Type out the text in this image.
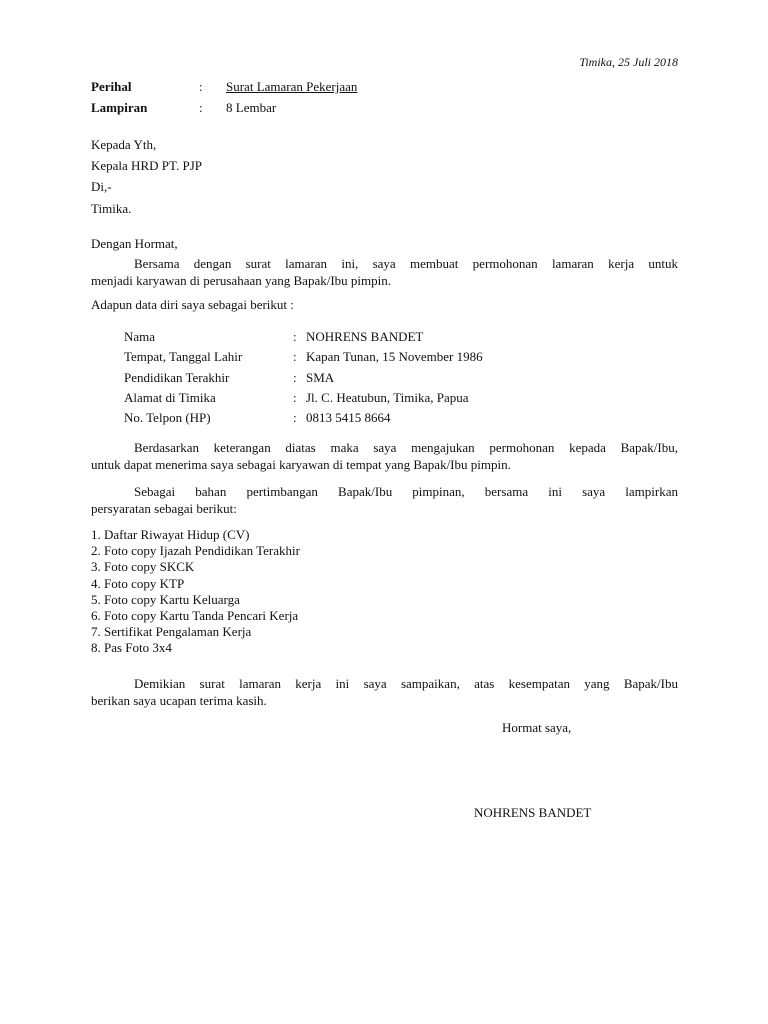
Timika, 25 Juli 2018
Perihal	: Surat Lamaran Pekerjaan
Lampiran	: 8 Lembar
Kepada Yth,
Kepala HRD PT. PJP
Di,-
Timika.
Dengan Hormat,
Bersama dengan surat lamaran ini, saya membuat permohonan lamaran kerja untuk
menjadi karyawan di perusahaan yang Bapak/Ibu pimpin.
Adapun data diri saya sebagai berikut :
Nama	: NOHRENS BANDET
Tempat, Tanggal Lahir	: Kapan Tunan, 15 November 1986
Pendidikan Terakhir	: SMA
Alamat di Timika	: Jl. C. Heatubun, Timika, Papua
No. Telpon (HP)	: 0813 5415 8664
Berdasarkan keterangan diatas maka saya mengajukan permohonan kepada Bapak/Ibu,
untuk dapat menerima saya sebagai karyawan di tempat yang Bapak/Ibu pimpin.
Sebagai bahan pertimbangan Bapak/Ibu pimpinan, bersama ini saya lampirkan
persyaratan sebagai berikut:
1. Daftar Riwayat Hidup (CV)
2. Foto copy Ijazah Pendidikan Terakhir
3. Foto copy SKCK
4. Foto copy KTP
5. Foto copy Kartu Keluarga
6. Foto copy Kartu Tanda Pencari Kerja
7. Sertifikat Pengalaman Kerja
8. Pas Foto 3x4
Demikian surat lamaran kerja ini saya sampaikan, atas kesempatan yang Bapak/Ibu
berikan saya ucapan terima kasih.
Hormat saya,
NOHRENS BANDET
